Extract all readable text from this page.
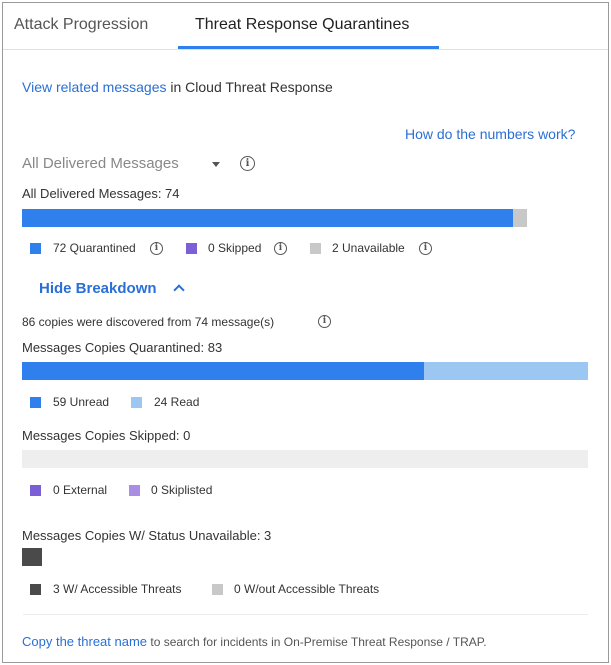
Attack Progression	Threat Response Quarantines
View related messages in Cloud Threat Response
How do the numbers work?
All Delivered Messages	i
All Delivered Messages: 74
72 Quarantined	i	0 Skipped	i	2 Unavailable	i
Hide Breakdown
86 copies were discovered from 74 message(s)	i
Messages Copies Quarantined: 83
59 Unread	24 Read
Messages Copies Skipped: 0
0 External	0 Skiplisted
Messages Copies W/ Status Unavailable: 3
3 W/ Accessible Threats	0 W/out Accessible Threats
Copy the threat name to search for incidents in On-Premise Threat Response / TRAP.
